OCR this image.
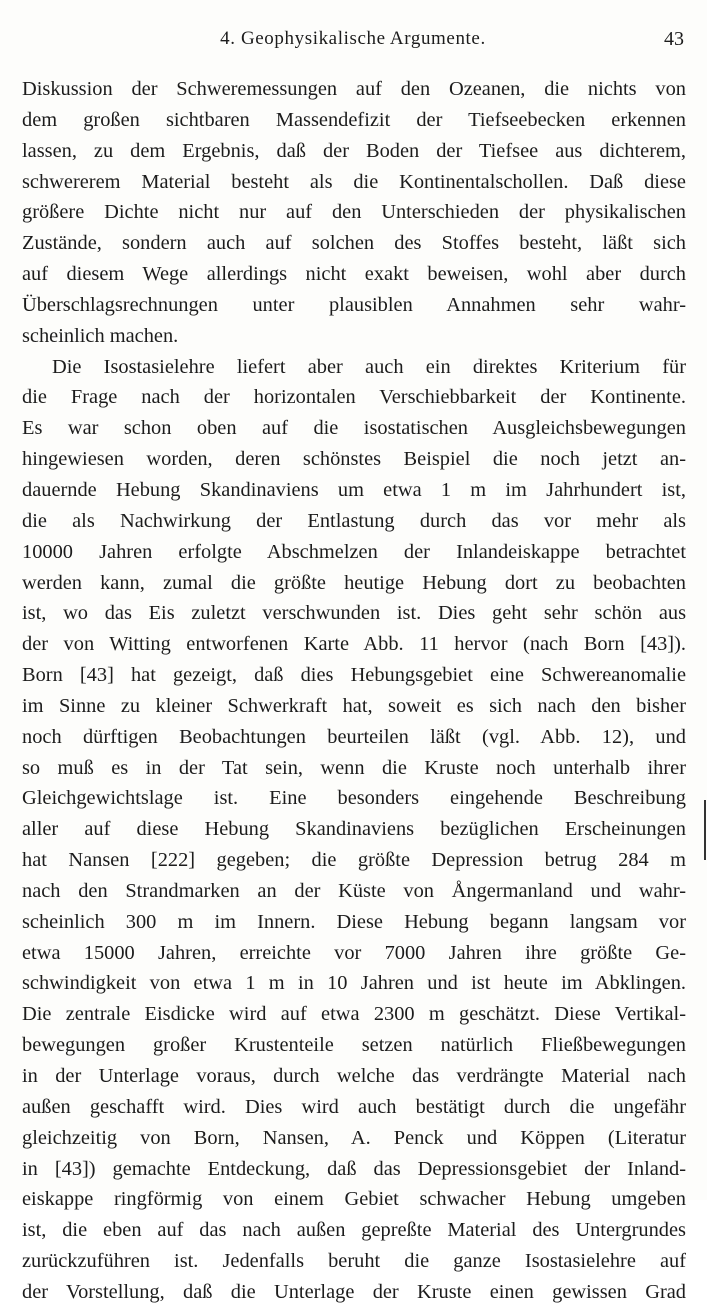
4. Geophysikalische Argumente.	43
Diskussion der Schweremessungen auf den Ozeanen, die nichts von
dem großen sichtbaren Massendefizit der Tiefseebecken erkennen
lassen, zu dem Ergebnis, daß der Boden der Tiefsee aus dichterem,
schwererem Material besteht als die Kontinentalschollen. Daß diese
größere Dichte nicht nur auf den Unterschieden der physikalischen
Zustände, sondern auch auf solchen des Stoffes besteht, läßt sich
auf diesem Wege allerdings nicht exakt beweisen, wohl aber durch
Überschlagsrechnungen unter plausiblen Annahmen sehr wahr-
scheinlich machen.
Die Isostasielehre liefert aber auch ein direktes Kriterium für
die Frage nach der horizontalen Verschiebbarkeit der Kontinente.
Es war schon oben auf die isostatischen Ausgleichsbewegungen
hingewiesen worden, deren schönstes Beispiel die noch jetzt an-
dauernde Hebung Skandinaviens um etwa 1 m im Jahrhundert ist,
die als Nachwirkung der Entlastung durch das vor mehr als
10000 Jahren erfolgte Abschmelzen der Inlandeiskappe betrachtet
werden kann, zumal die größte heutige Hebung dort zu beobachten
ist, wo das Eis zuletzt verschwunden ist. Dies geht sehr schön aus
der von Witting entworfenen Karte Abb. 11 hervor (nach Born [43]).
Born [43] hat gezeigt, daß dies Hebungsgebiet eine Schwereanomalie
im Sinne zu kleiner Schwerkraft hat, soweit es sich nach den bisher
noch dürftigen Beobachtungen beurteilen läßt (vgl. Abb. 12), und
so muß es in der Tat sein, wenn die Kruste noch unterhalb ihrer
Gleichgewichtslage ist. Eine besonders eingehende Beschreibung
aller auf diese Hebung Skandinaviens bezüglichen Erscheinungen
hat Nansen [222] gegeben; die größte Depression betrug 284 m
nach den Strandmarken an der Küste von Ångermanland und wahr-
scheinlich 300 m im Innern. Diese Hebung begann langsam vor
etwa 15000 Jahren, erreichte vor 7000 Jahren ihre größte Ge-
schwindigkeit von etwa 1 m in 10 Jahren und ist heute im Abklingen.
Die zentrale Eisdicke wird auf etwa 2300 m geschätzt. Diese Vertikal-
bewegungen großer Krustenteile setzen natürlich Fließbewegungen
in der Unterlage voraus, durch welche das verdrängte Material nach
außen geschafft wird. Dies wird auch bestätigt durch die ungefähr
gleichzeitig von Born, Nansen, A. Penck und Köppen (Literatur
in [43]) gemachte Entdeckung, daß das Depressionsgebiet der Inland-
eiskappe ringförmig von einem Gebiet schwacher Hebung umgeben
ist, die eben auf das nach außen gepreßte Material des Untergrundes
zurückzuführen ist. Jedenfalls beruht die ganze Isostasielehre auf
der Vorstellung, daß die Unterlage der Kruste einen gewissen Grad
